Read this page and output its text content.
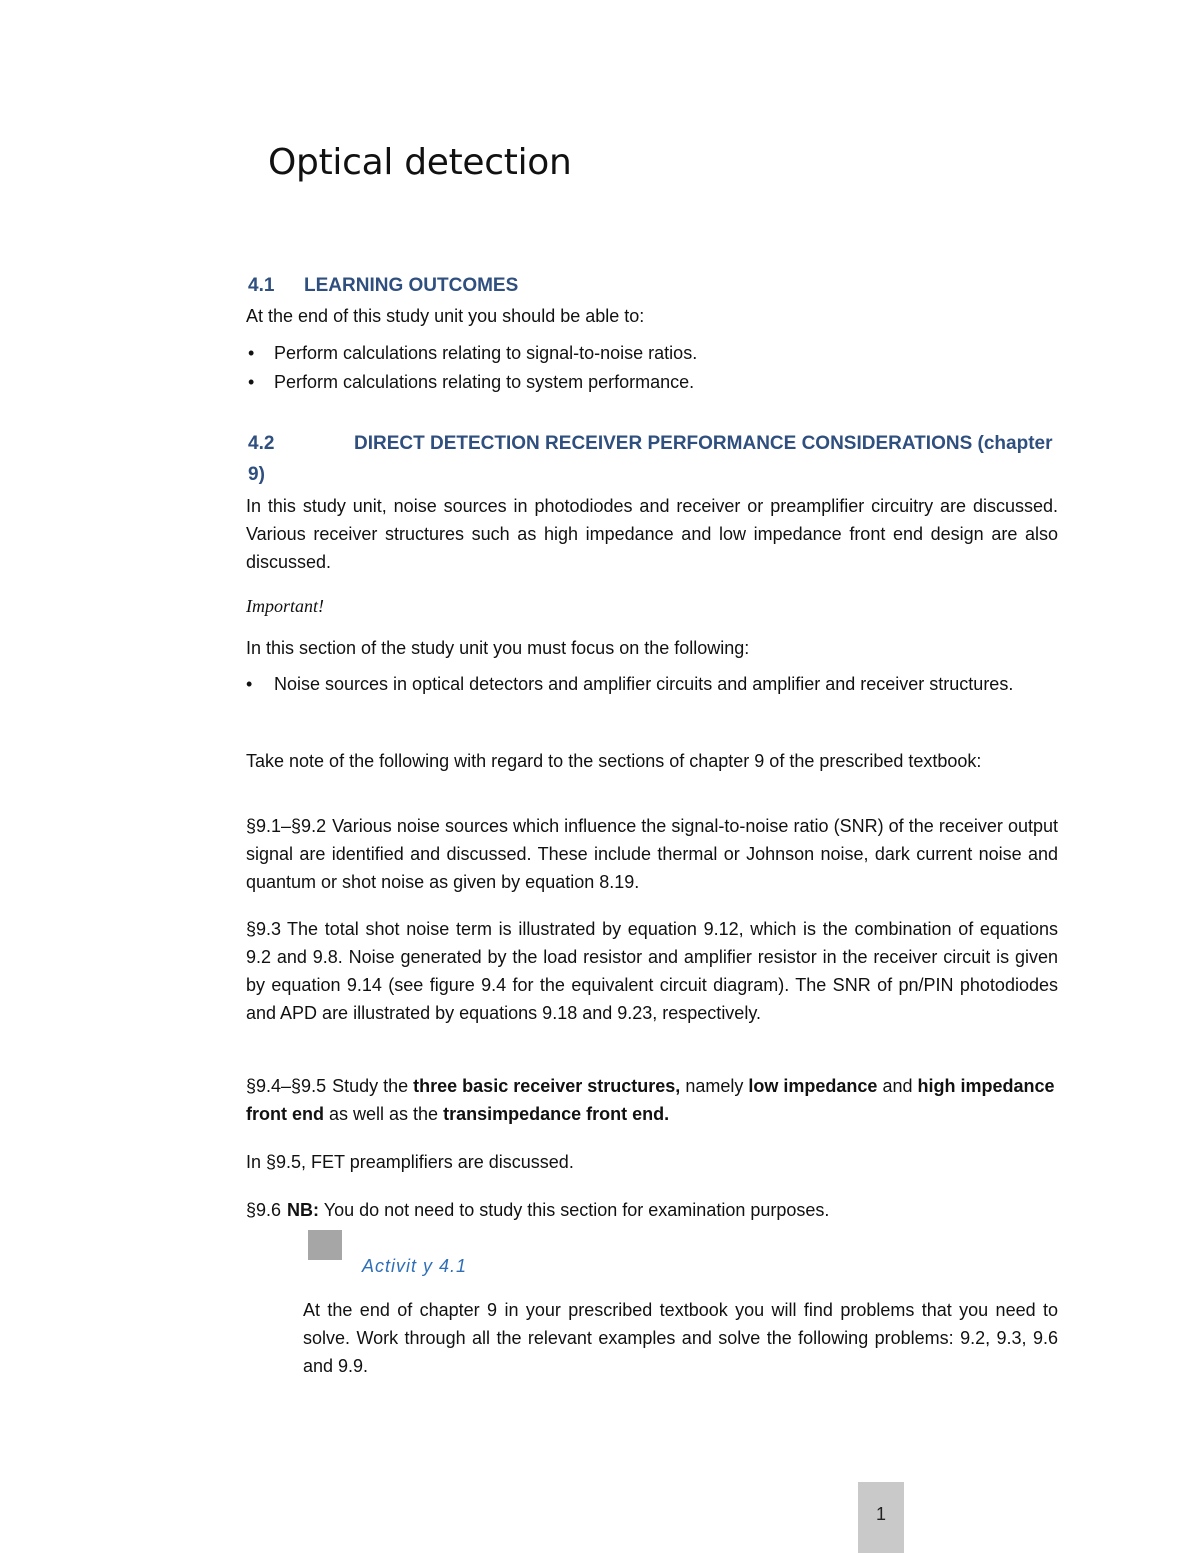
Optical detection
4.1 LEARNING OUTCOMES

At the end of this study unit you should be able to:

• Perform calculations relating to signal-to-noise ratios.
• Perform calculations relating to system performance.
4.2	DIRECT DETECTION RECEIVER PERFORMANCE CONSIDERATIONS (chapter 9)

In this study unit, noise sources in photodiodes and receiver or preamplifier circuitry are discussed. Various receiver structures such as high impedance and low impedance front end design are also discussed.

Important!

In this section of the study unit you must focus on the following:

• Noise sources in optical detectors and amplifier circuits and amplifier and receiver structures.

Take note of the following with regard to the sections of chapter 9 of the prescribed textbook:

§9.1–§9.2 Various noise sources which influence the signal-to-noise ratio (SNR) of the receiver output signal are identified and discussed. These include thermal or Johnson noise, dark current noise and quantum or shot noise as given by equation 8.19.

§9.3 The total shot noise term is illustrated by equation 9.12, which is the combination of equations 9.2 and 9.8. Noise generated by the load resistor and amplifier resistor in the receiver circuit is given by equation 9.14 (see figure 9.4 for the equivalent circuit diagram). The SNR of pn/PIN photodiodes and APD are illustrated by equations 9.18 and 9.23, respectively.

§9.4–§9.5 Study the three basic receiver structures, namely low impedance and high impedance front end as well as the transimpedance front end.

In §9.5, FET preamplifiers are discussed.

§9.6 NB: You do not need to study this section for examination purposes.

Activit y 4.1

At the end of chapter 9 in your prescribed textbook you will find problems that you need to solve. Work through all the relevant examples and solve the following problems: 9.2, 9.3, 9.6 and 9.9.

1
